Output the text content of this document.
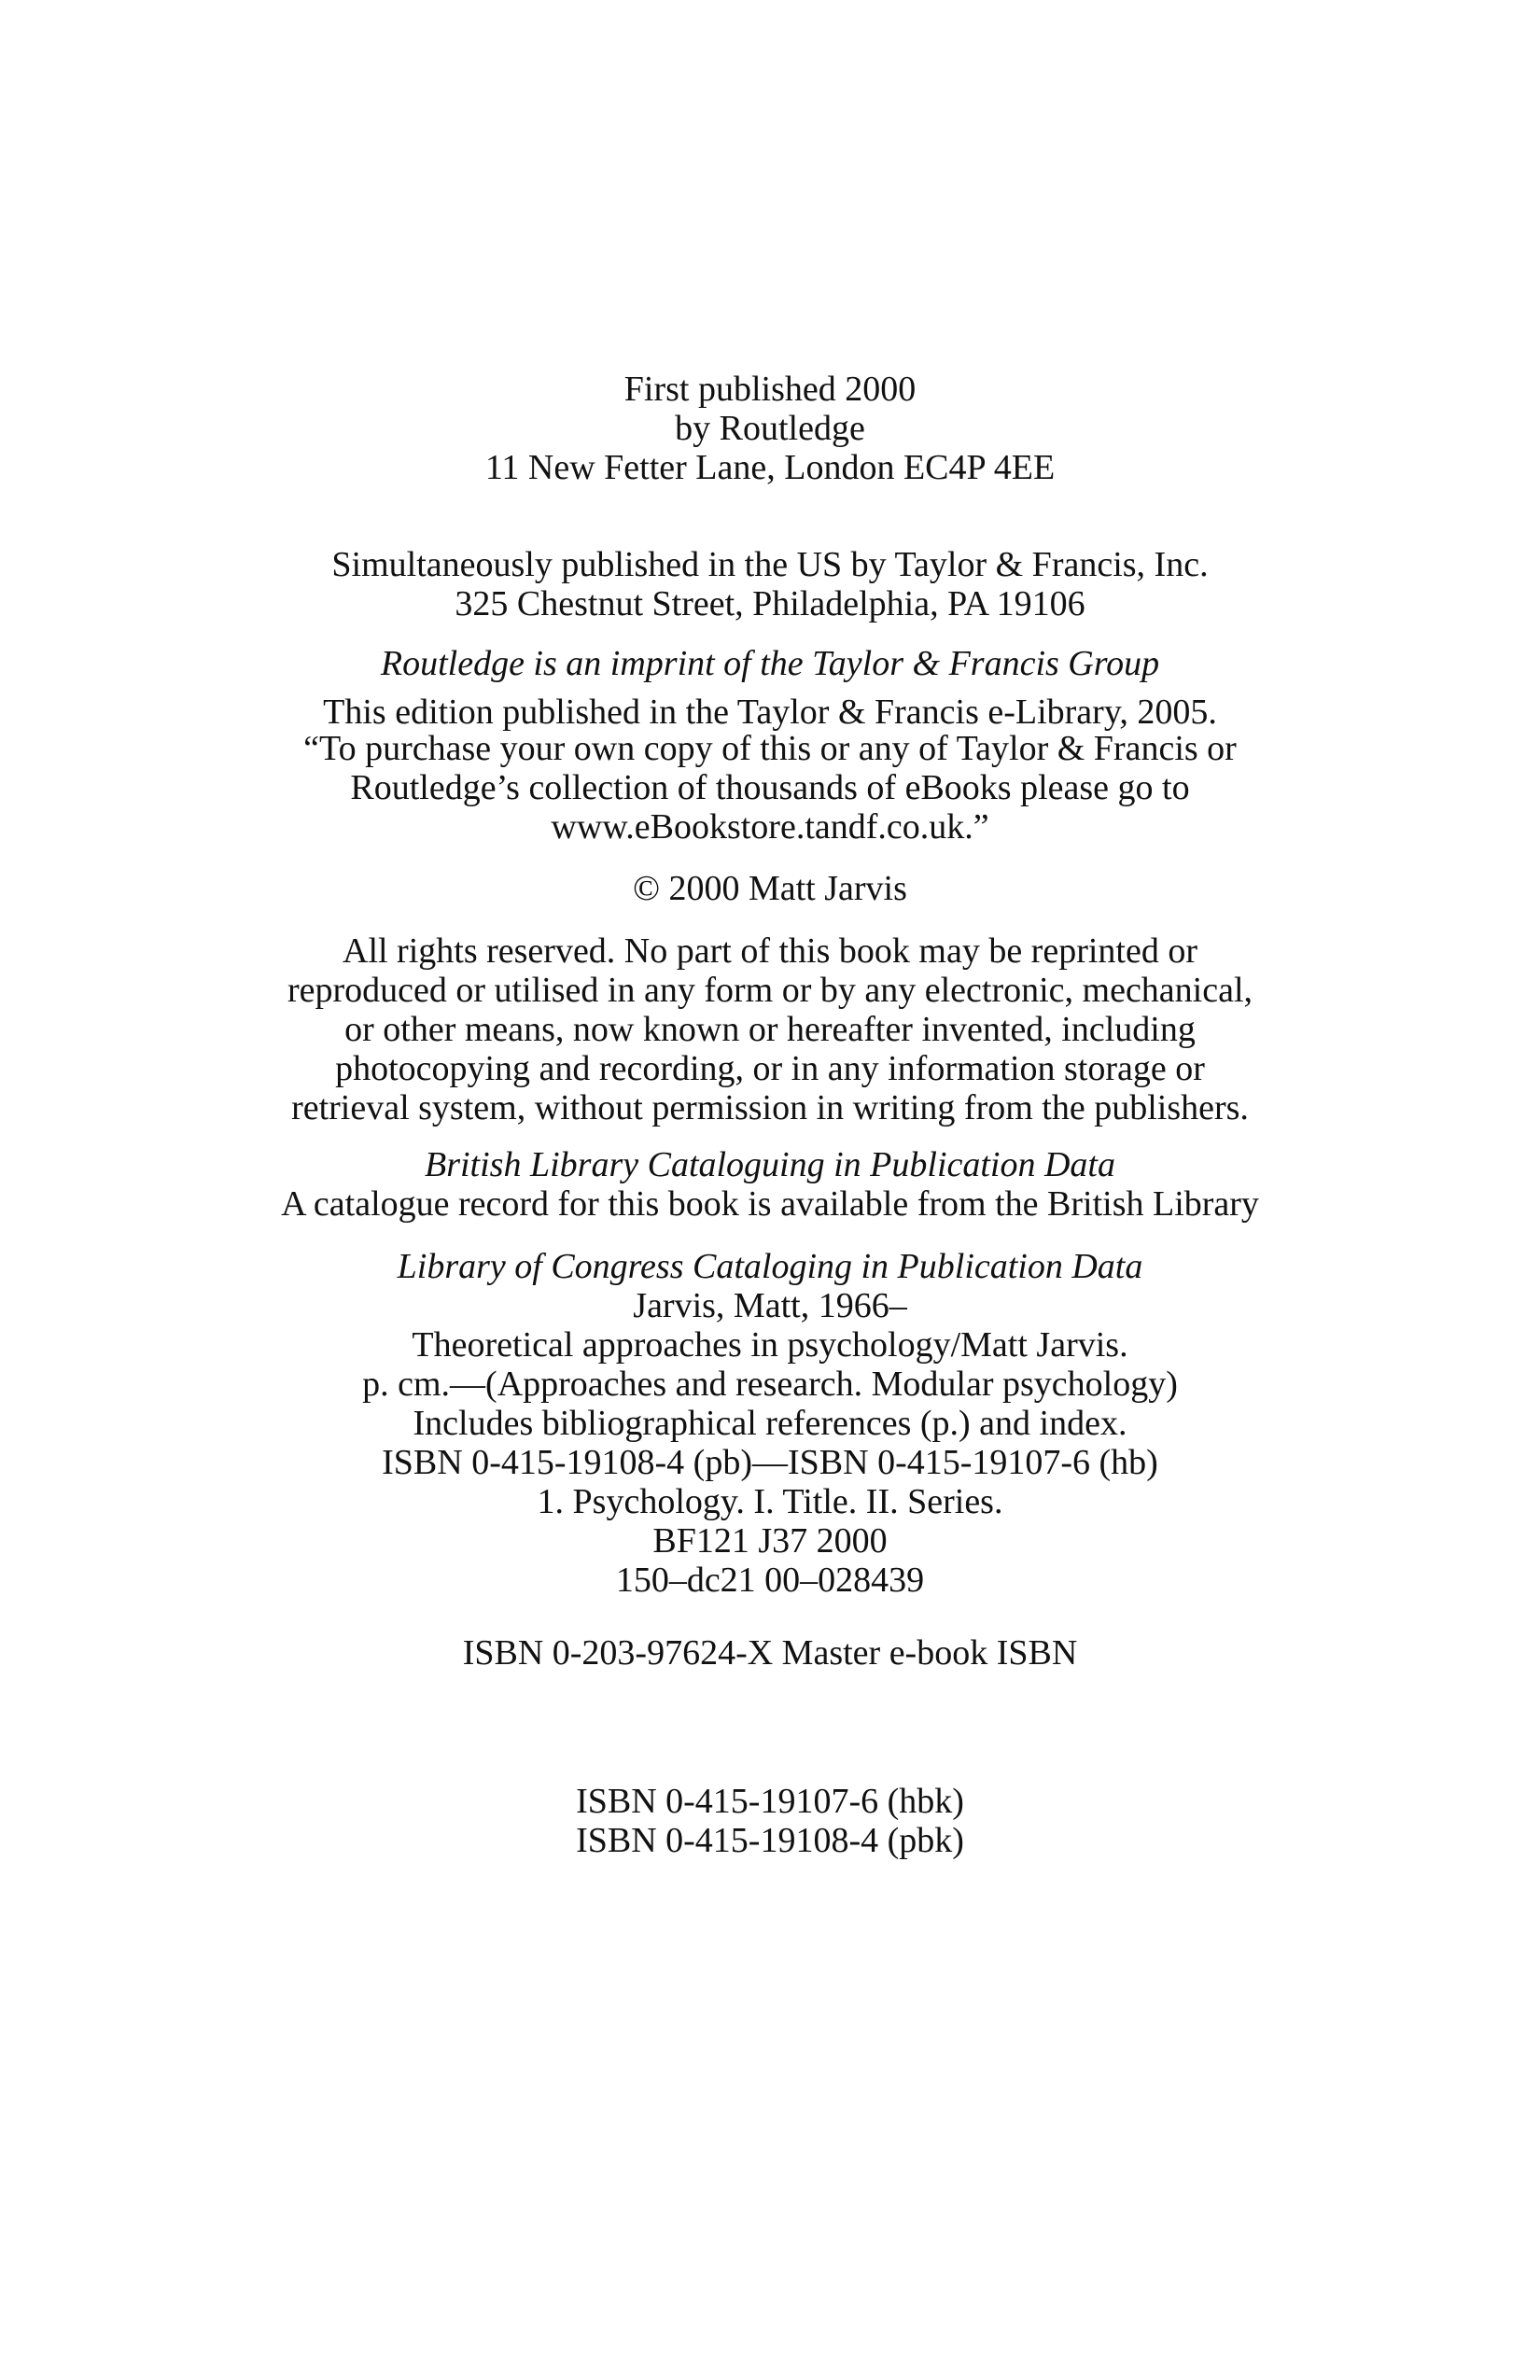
First published 2000
by Routledge
11 New Fetter Lane, London EC4P 4EE
Simultaneously published in the US by Taylor & Francis, Inc.
325 Chestnut Street, Philadelphia, PA 19106
Routledge is an imprint of the Taylor & Francis Group
This edition published in the Taylor & Francis e-Library, 2005.
“To purchase your own copy of this or any of Taylor & Francis or
Routledge’s collection of thousands of eBooks please go to
www.eBookstore.tandf.co.uk.”
© 2000 Matt Jarvis
All rights reserved. No part of this book may be reprinted or
reproduced or utilised in any form or by any electronic, mechanical,
or other means, now known or hereafter invented, including
photocopying and recording, or in any information storage or
retrieval system, without permission in writing from the publishers.
British Library Cataloguing in Publication Data
A catalogue record for this book is available from the British Library
Library of Congress Cataloging in Publication Data
Jarvis, Matt, 1966–
Theoretical approaches in psychology/Matt Jarvis.
p. cm.—(Approaches and research. Modular psychology)
Includes bibliographical references (p.) and index.
ISBN 0-415-19108-4 (pb)—ISBN 0-415-19107-6 (hb)
1. Psychology. I. Title. II. Series.
BF121 J37 2000
150–dc21 00–028439
ISBN 0-203-97624-X Master e-book ISBN
ISBN 0-415-19107-6 (hbk)
ISBN 0-415-19108-4 (pbk)
